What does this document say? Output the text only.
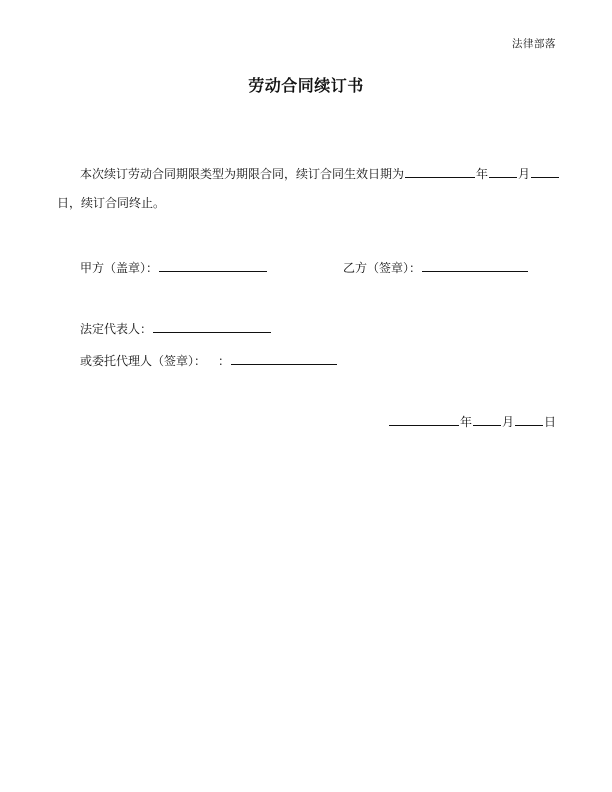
法律部落
劳动合同续订书
本次续订劳动合同期限类型为期限合同，续订合同生效日期为	年	月
日，续订合同终止。
甲方（盖章）：	乙方（签章）：
法定代表人：
或委托代理人（签章）： ：
年	月	日
